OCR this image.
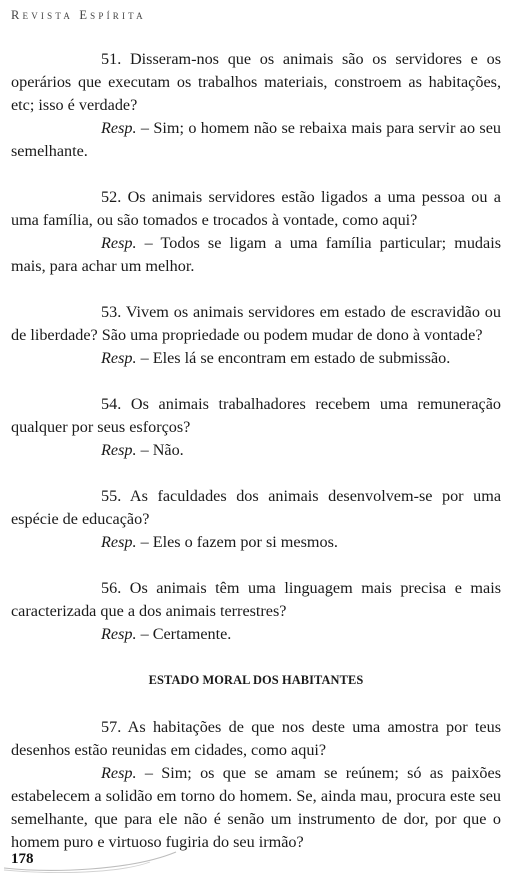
Revista Espírita

51. Disseram-nos que os animais são os servidores e os operários que executam os trabalhos materiais, constroem as habitações, etc; isso é verdade?

Resp. – Sim; o homem não se rebaixa mais para servir ao seu semelhante.

52. Os animais servidores estão ligados a uma pessoa ou a uma família, ou são tomados e trocados à vontade, como aqui?

Resp. – Todos se ligam a uma família particular; mudais mais, para achar um melhor.

53. Vivem os animais servidores em estado de escravidão ou de liberdade? São uma propriedade ou podem mudar de dono à vontade?

Resp. – Eles lá se encontram em estado de submissão.

54. Os animais trabalhadores recebem uma remuneração qualquer por seus esforços?

Resp. – Não.

55. As faculdades dos animais desenvolvem-se por uma espécie de educação?

Resp. – Eles o fazem por si mesmos.

56. Os animais têm uma linguagem mais precisa e mais caracterizada que a dos animais terrestres?

Resp. – Certamente.

ESTADO MORAL DOS HABITANTES

57. As habitações de que nos deste uma amostra por teus desenhos estão reunidas em cidades, como aqui?

Resp. – Sim; os que se amam se reúnem; só as paixões estabelecem a solidão em torno do homem. Se, ainda mau, procura este seu semelhante, que para ele não é senão um instrumento de dor, por que o homem puro e virtuoso fugiria do seu irmão?

178
